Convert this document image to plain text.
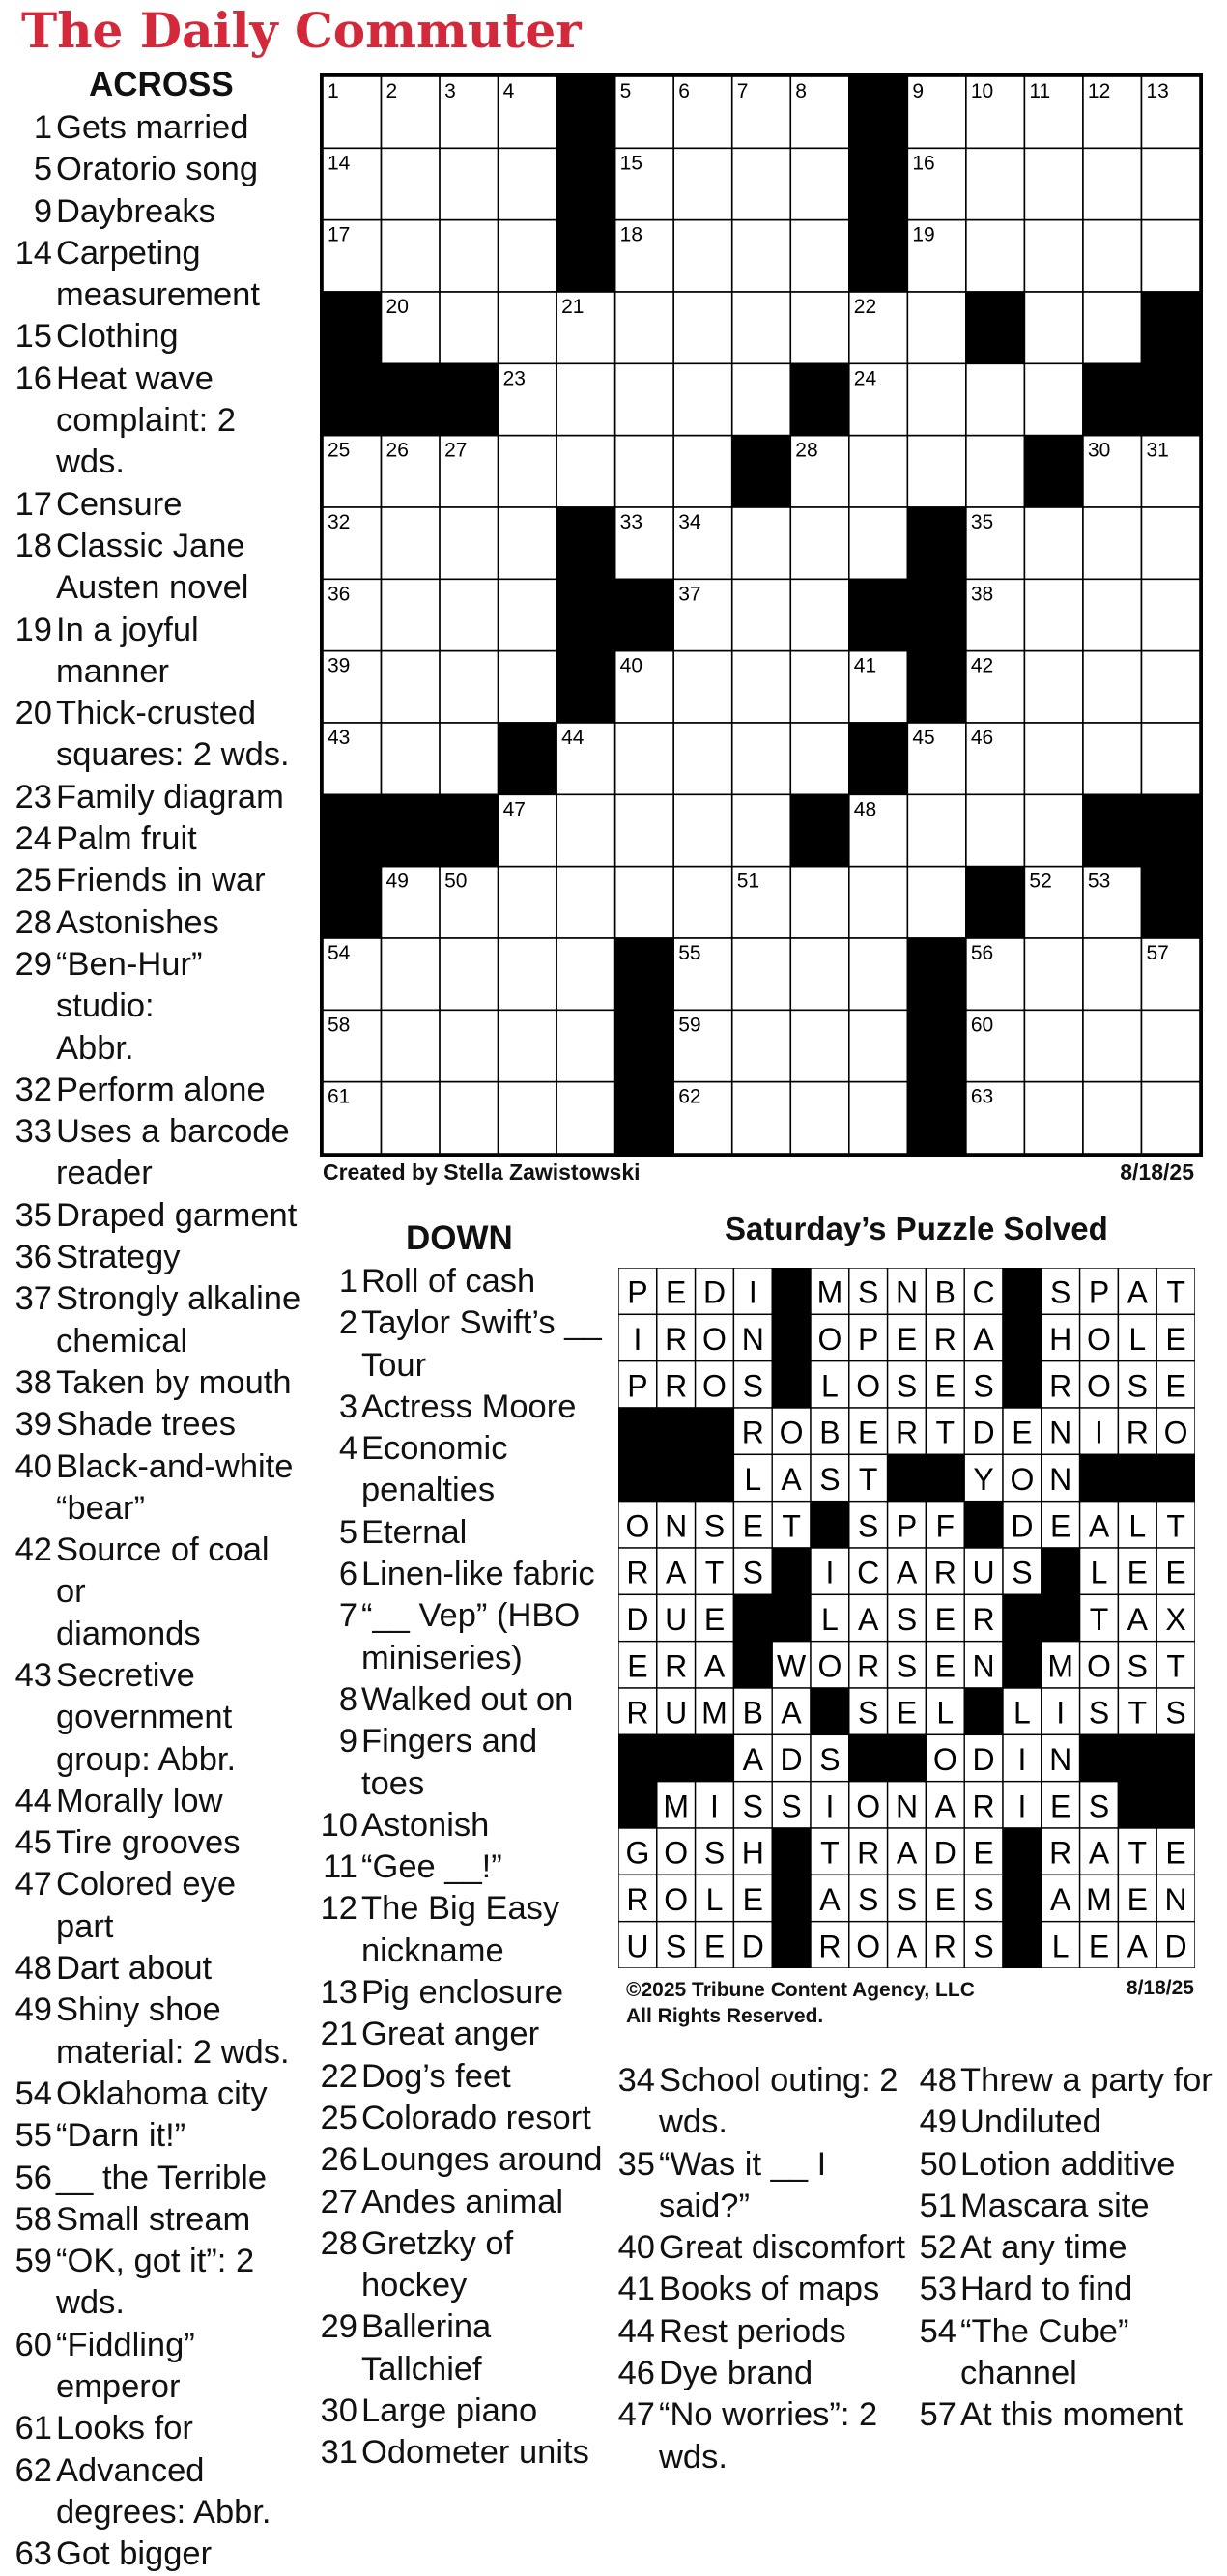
The Daily Commuter
ACROSS
1 Gets married
5 Oratorio song
9 Daybreaks
14 Carpeting
measurement
15 Clothing
16 Heat wave
complaint: 2 wds.
17 Censure
18 Classic Jane
Austen novel
19 In a joyful
manner
20 Thick-crusted
squares: 2 wds.
23 Family diagram
24 Palm fruit
25 Friends in war
28 Astonishes
29 “Ben-Hur” studio:
Abbr.
32 Perform alone
33 Uses a barcode
reader
35 Draped garment
36 Strategy
37 Strongly alkaline
chemical
38 Taken by mouth
39 Shade trees
40 Black-and-white
“bear”
42 Source of coal or
diamonds
43 Secretive
government
group: Abbr.
44 Morally low
45 Tire grooves
47 Colored eye
part
48 Dart about
49 Shiny shoe
material: 2 wds.
54 Oklahoma city
55 “Darn it!”
56 __ the Terrible
58 Small stream
59 “OK, got it”: 2
wds.
60 “Fiddling”
emperor
61 Looks for
62 Advanced
degrees: Abbr.
63 Got bigger
1 2 3 4	5 6 7 8	9 10 11 12 13
14	15	16
17	18	19
20	21	22
23	24
25 26 27	28	30 31
32	33 34	35
36	37	38
39	40	41	42
43	44	45 46
47	48
49 50	51	52 53
54	55	56	57
58	59	60
61	62	63
Created by Stella Zawistowski	8/18/25
DOWN
1 Roll of cash
2 Taylor Swift’s __
Tour
3 Actress Moore
4 Economic
penalties
5 Eternal
6 Linen-like fabric
7 “__ Vep” (HBO
miniseries)
8 Walked out on
9 Fingers and toes
10 Astonish
11 “Gee __!”
12 The Big Easy
nickname
13 Pig enclosure
21 Great anger
22 Dog’s feet
25 Colorado resort
26 Lounges around
27 Andes animal
28 Gretzky of
hockey
29 Ballerina
Tallchief
30 Large piano
31 Odometer units
34 School outing: 2
wds.
35 “Was it __ I said?”
40 Great discomfort
41 Books of maps
44 Rest periods
46 Dye brand
47 “No worries”: 2
wds.
48 Threw a party for
49 Undiluted
50 Lotion additive
51 Mascara site
52 At any time
53 Hard to find
54 “The Cube”
channel
57 At this moment
Saturday’s Puzzle Solved
P E D I M S N B C S P A T
I R O N O P E R A H O L E
P R O S L O S E S R O S E
R O B E R T D E N I R O
L A S T	Y O N
O N S E T S P F D E A L T
R A T S I C A R U S L E E
D U E	L A S E R	T A X
E R A W O R S E N M O S T
R U M B A S E L L I S T S
A D S	O D I N
M I S S I O N A R I E S
G O S H T R A D E R A T E
R O L E A S S E S A M E N
U S E D R O A R S L E A D
©2025 Tribune Content Agency, LLC
All Rights Reserved.
8/18/25
